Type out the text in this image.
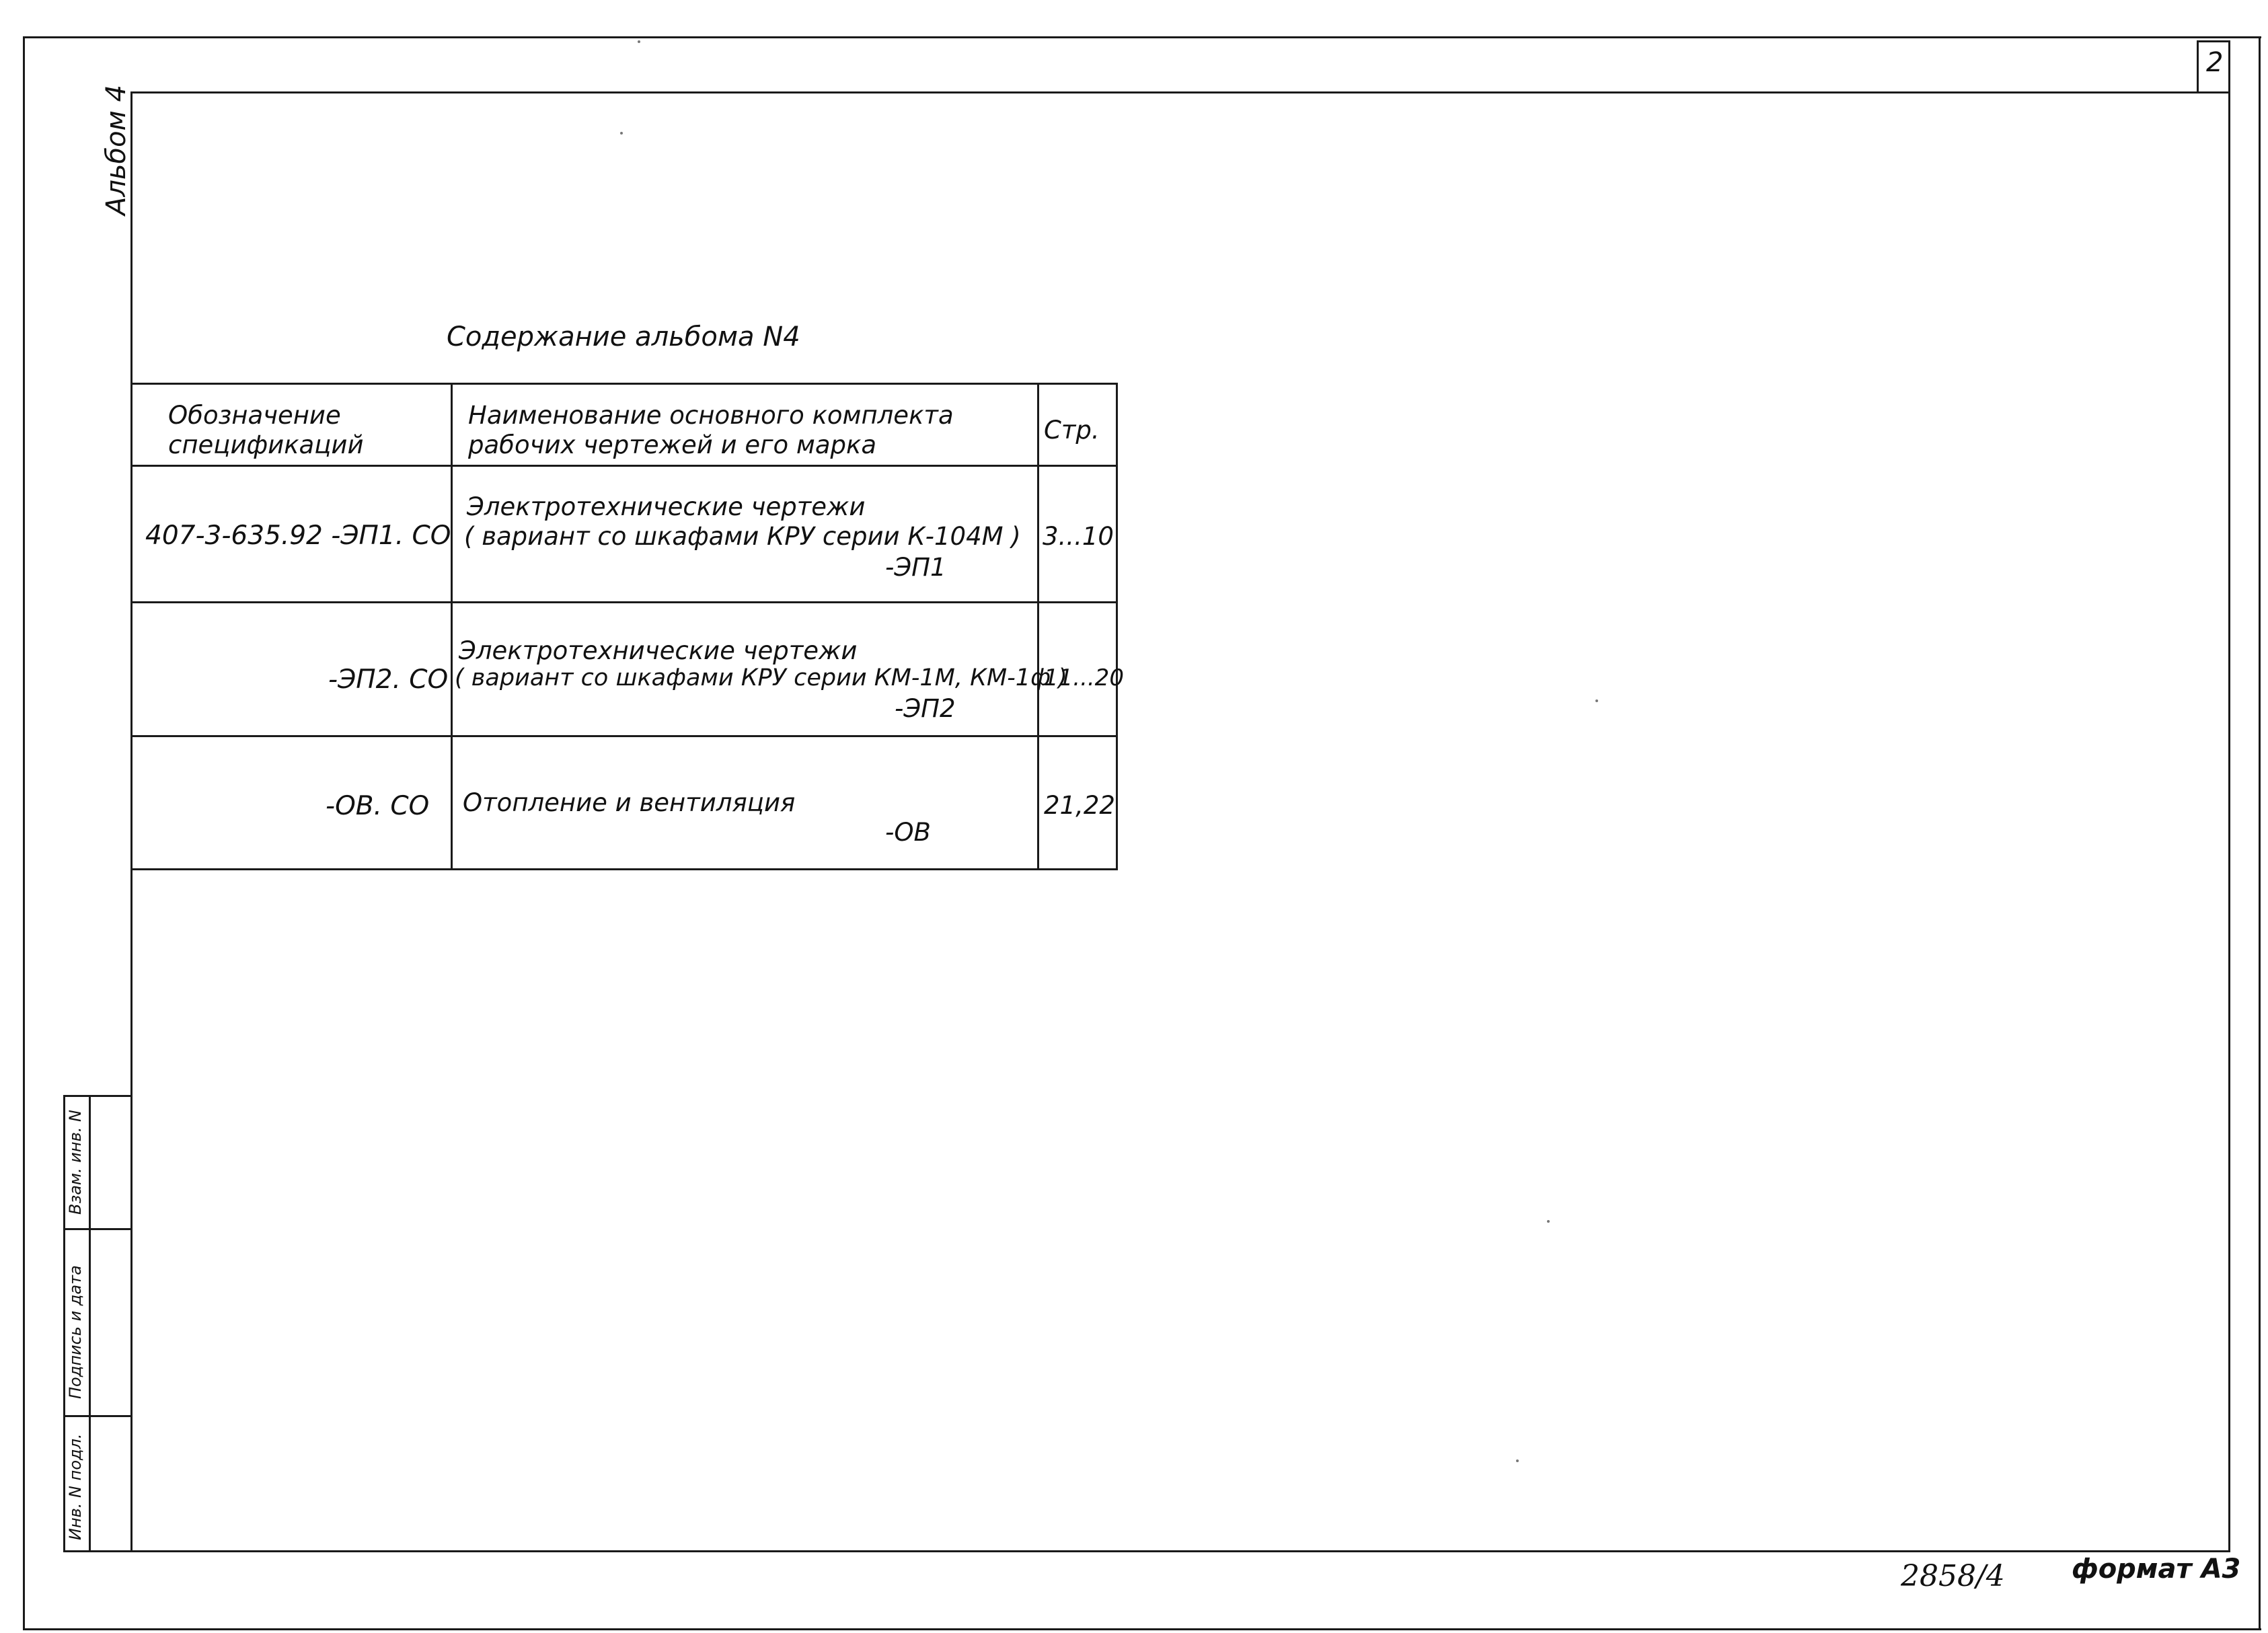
2
Альбом 4
Содержание альбома N4
Обозначение
спецификаций
Наименование основного комплекта
рабочих чертежей и его марка
Стр.
407-3-635.92 -ЭП1. СО
Электротехнические чертежи
( вариант со шкафами КРУ серии К-104М )
-ЭП1
3...10
-ЭП2. СО
Электротехнические чертежи
( вариант со шкафами КРУ серии КМ-1М, КМ-1ф )
-ЭП2
11...20
-ОВ. СО Отопление и вентиляция
-ОВ
21,22
Инв. N подл.
Подпись и дата
Взам. инв. N
2858/4 формат А3
